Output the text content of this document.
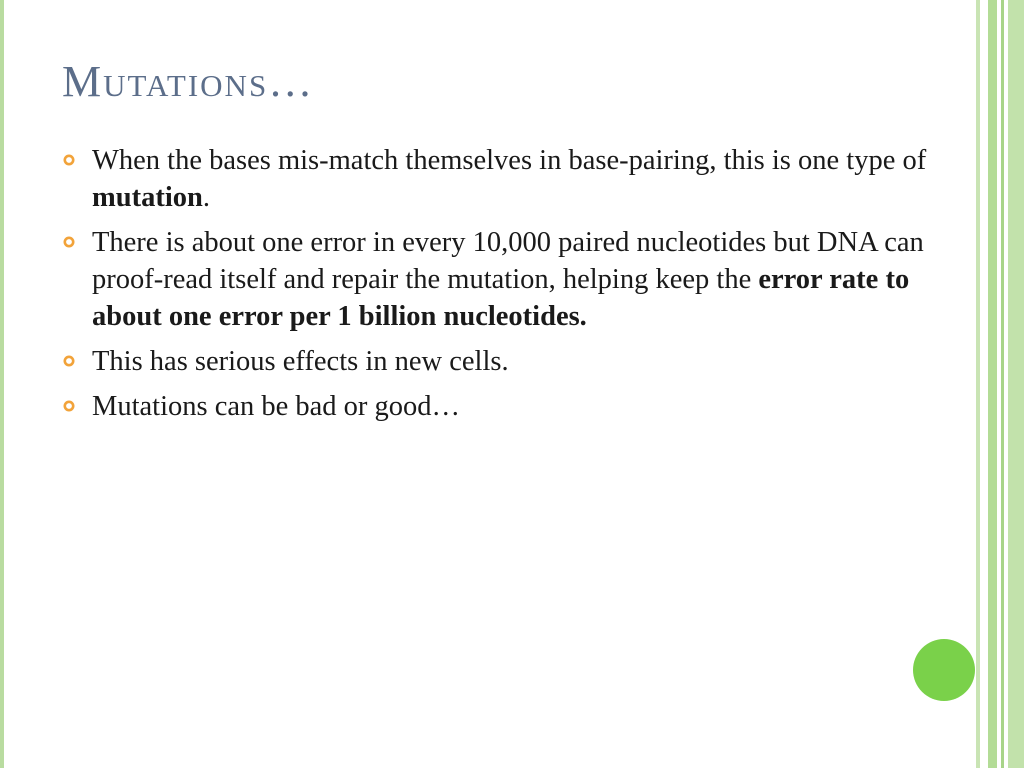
Mutations…
When the bases mis-match themselves in base-pairing, this is one type of mutation.
There is about one error in every 10,000 paired nucleotides but DNA can proof-read itself and repair the mutation, helping keep the error rate to about one error per 1 billion nucleotides.
This has serious effects in new cells.
Mutations can be bad or good…
